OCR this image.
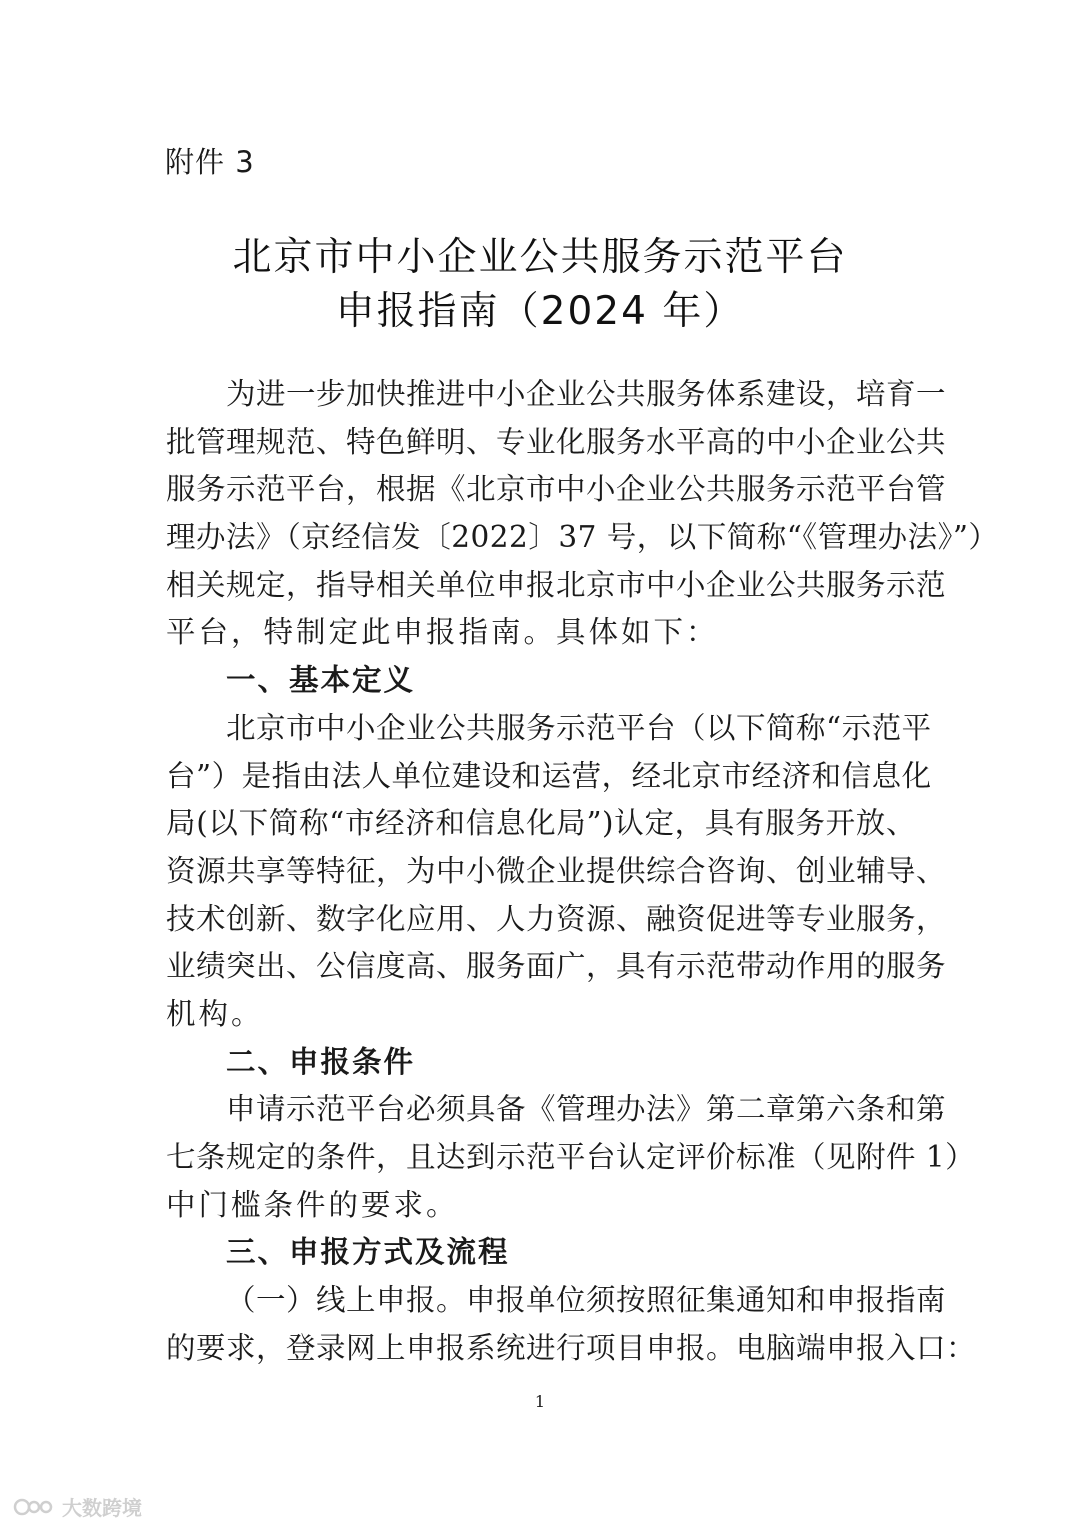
附件 3
北京市中小企业公共服务示范平台
申报指南（2024 年）
为进一步加快推进中小企业公共服务体系建设，培育一
批管理规范、特色鲜明、专业化服务水平高的中小企业公共
服务示范平台，根据《北京市中小企业公共服务示范平台管
理办法》（京经信发〔2022〕37 号，以下简称“《管理办法》”）
相关规定，指导相关单位申报北京市中小企业公共服务示范
平台，特制定此申报指南。具体如下：
一、基本定义
北京市中小企业公共服务示范平台（以下简称“示范平
台”）是指由法人单位建设和运营，经北京市经济和信息化
局(以下简称“市经济和信息化局”)认定，具有服务开放、
资源共享等特征，为中小微企业提供综合咨询、创业辅导、
技术创新、数字化应用、人力资源、融资促进等专业服务，
业绩突出、公信度高、服务面广，具有示范带动作用的服务
机构。
二、申报条件
申请示范平台必须具备《管理办法》第二章第六条和第
七条规定的条件，且达到示范平台认定评价标准（见附件 1）
中门槛条件的要求。
三、申报方式及流程
（一）线上申报。申报单位须按照征集通知和申报指南
的要求，登录网上申报系统进行项目申报。电脑端申报入口：
1
大数跨境
